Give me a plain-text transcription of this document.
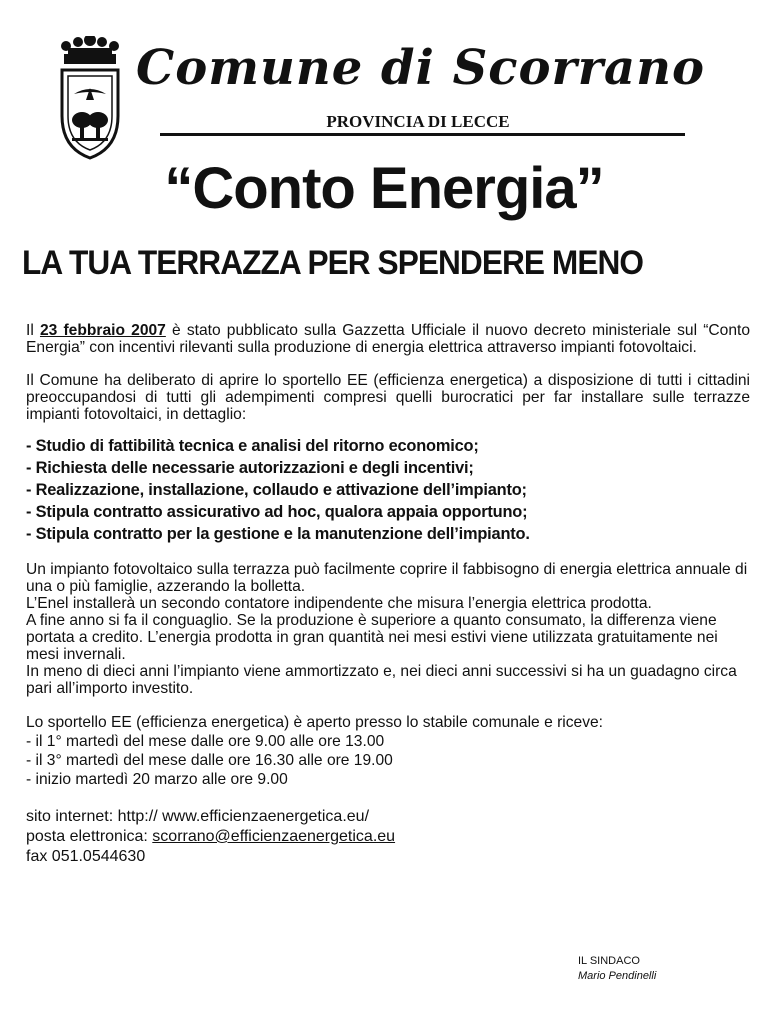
Comune di Scorrano
PROVINCIA DI LECCE
“Conto Energia”
LA TUA TERRAZZA PER SPENDERE MENO

Il 23 febbraio 2007 è stato pubblicato sulla Gazzetta Ufficiale il nuovo decreto ministeriale sul “Conto Energia” con incentivi rilevanti sulla produzione di energia elettrica attraverso impianti fotovoltaici.

Il Comune ha deliberato di aprire lo sportello EE (efficienza energetica) a disposizione di tutti i cittadini preoccupandosi di tutti gli adempimenti compresi quelli burocratici per far installare sulle terrazze impianti fotovoltaici, in dettaglio:

- Studio di fattibilità tecnica e analisi del ritorno economico;
- Richiesta delle necessarie autorizzazioni e degli incentivi;
- Realizzazione, installazione, collaudo e attivazione dell’impianto;
- Stipula contratto assicurativo ad hoc, qualora appaia opportuno;
- Stipula contratto per la gestione e la manutenzione dell’impianto.

Un impianto fotovoltaico sulla terrazza può facilmente coprire il fabbisogno di energia elettrica annuale di una o più famiglie, azzerando la bolletta.

L’Enel installerà un secondo contatore indipendente che misura l’energia elettrica prodotta.

A fine anno si fa il conguaglio. Se la produzione è superiore a quanto consumato, la differenza viene portata a credito. L’energia prodotta in gran quantità nei mesi estivi viene utilizzata gratuitamente nei mesi invernali.

In meno di dieci anni l’impianto viene ammortizzato e, nei dieci anni successivi si ha un guadagno circa pari all’importo investito.

Lo sportello EE (efficienza energetica) è aperto presso lo stabile comunale e riceve:
- il 1° martedì del mese dalle ore 9.00 alle ore 13.00
- il 3° martedì del mese dalle ore 16.30 alle ore 19.00
- inizio martedì 20 marzo alle ore 9.00
sito internet: http:// www.efficienzaenergetica.eu/
posta elettronica: scorrano@efficienzaenergetica.eu
fax 051.0544630
IL SINDACO
Mario Pendinelli
